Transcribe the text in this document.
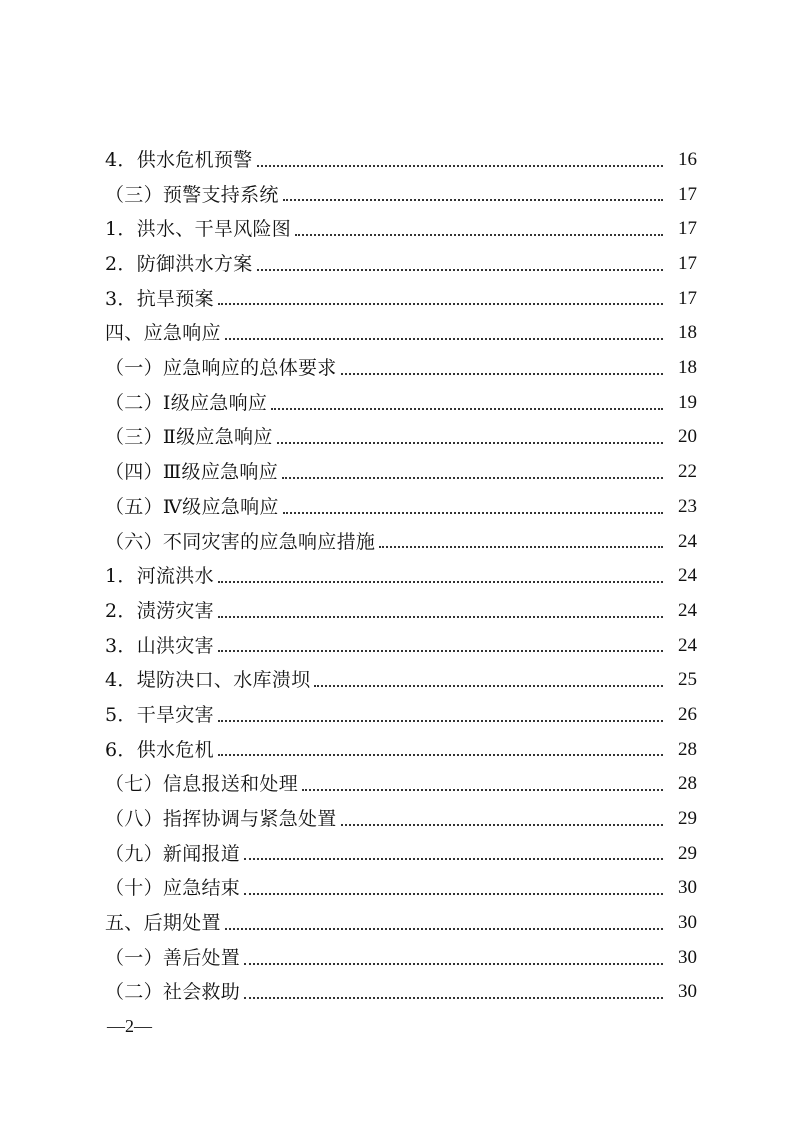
4．供水危机预警	16
（三）预警支持系统	17
1．洪水、干旱风险图	17
2．防御洪水方案	17
3．抗旱预案	17
四、应急响应	18
（一）应急响应的总体要求	18
（二）Ⅰ级应急响应	19
（三）Ⅱ级应急响应	20
（四）Ⅲ级应急响应	22
（五）Ⅳ级应急响应	23
（六）不同灾害的应急响应措施	24
1．河流洪水	24
2．渍涝灾害	24
3．山洪灾害	24
4．堤防决口、水库溃坝	25
5．干旱灾害	26
6．供水危机	28
（七）信息报送和处理	28
（八）指挥协调与紧急处置	29
（九）新闻报道	29
（十）应急结束	30
五、后期处置	30
（一）善后处置	30
（二）社会救助	30
—2—
